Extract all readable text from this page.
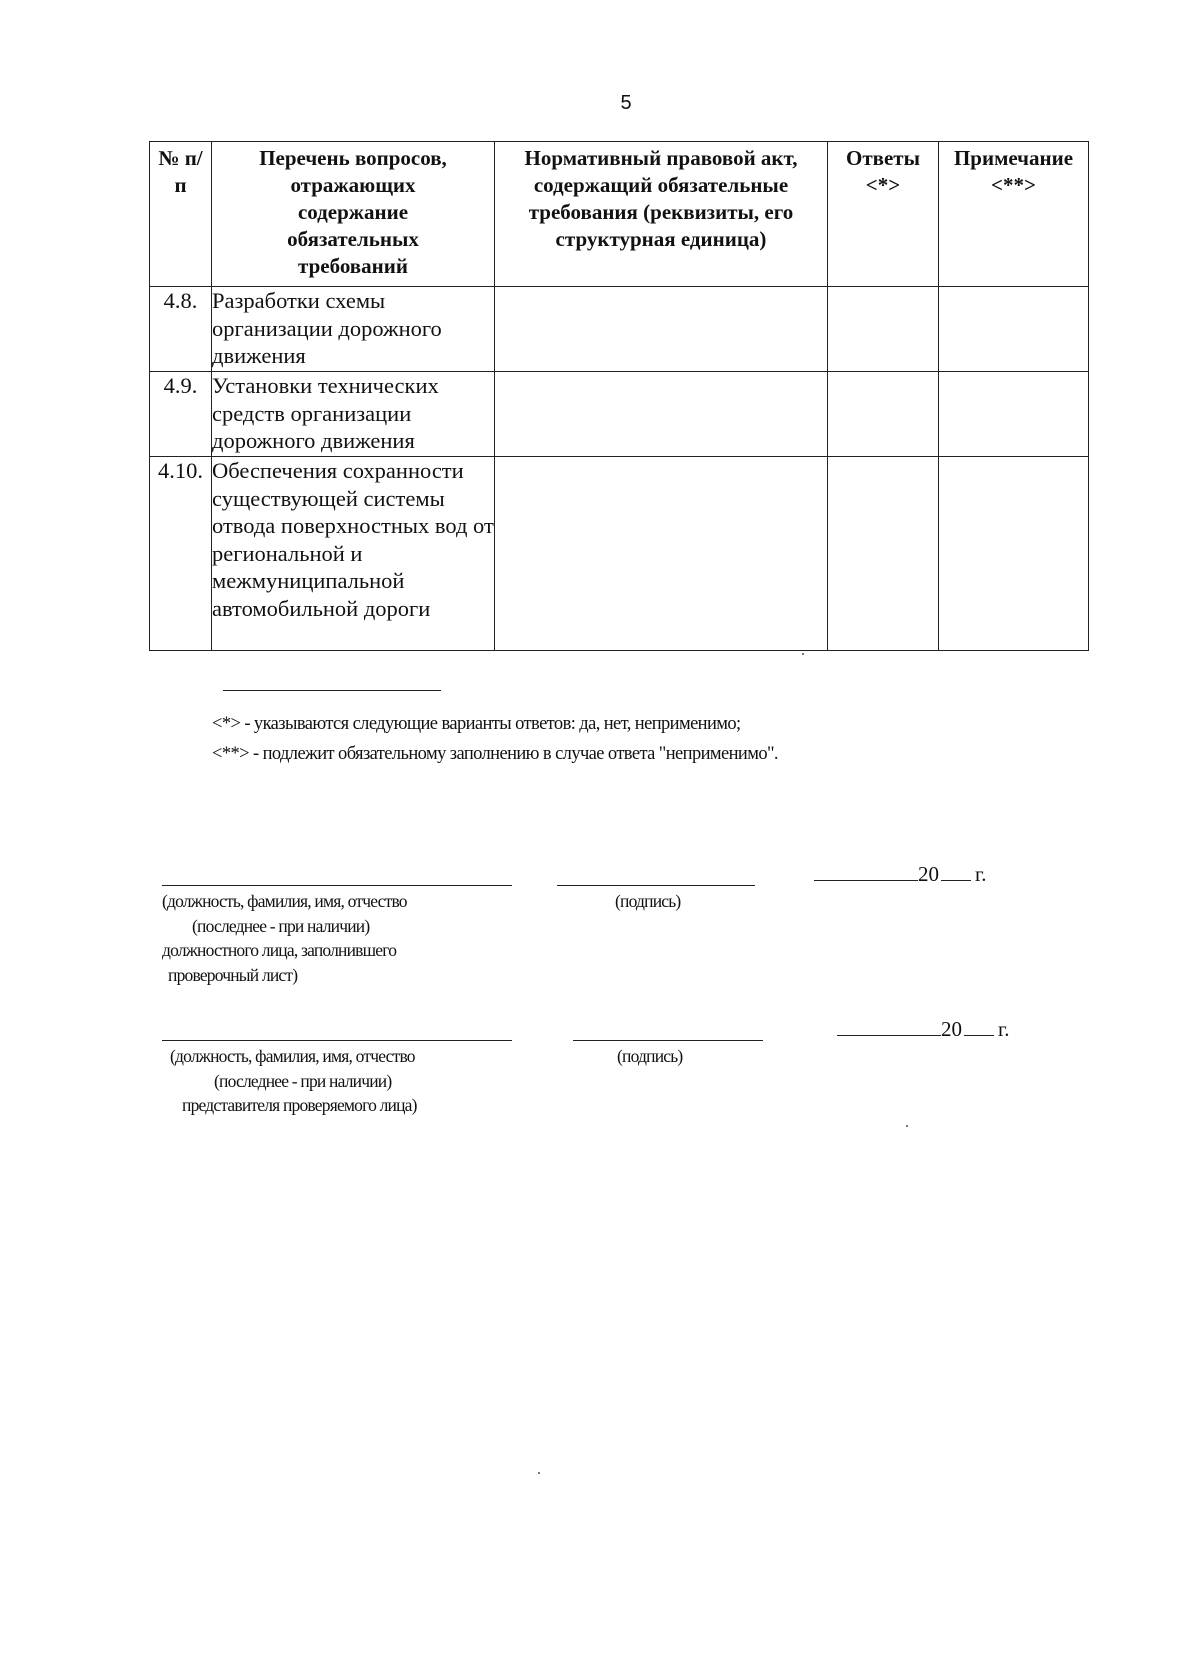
5
№ п/п	Перечень вопросов, отражающих содержание обязательных требований	Нормативный правовой акт, содержащий обязательные требования (реквизиты, его структурная единица)	Ответы <*>	Примечание <**>
4.8.	Разработки схемы организации дорожного движения			
4.9.	Установки технических средств организации дорожного движения			
4.10.	Обеспечения сохранности существующей системы отвода поверхностных вод от региональной и межмуниципальной автомобильной дороги			
<*> - указываются следующие варианты ответов: да, нет, неприменимо;
<**> - подлежит обязательному заполнению в случае ответа "неприменимо".
20 г.
(должность, фамилия, имя, отчество
(последнее - при наличии)
должностного лица, заполнившего
проверочный лист)
(подпись)
20 г.
(должность, фамилия, имя, отчество
(последнее - при наличии)
представителя проверяемого лица)
(подпись)
